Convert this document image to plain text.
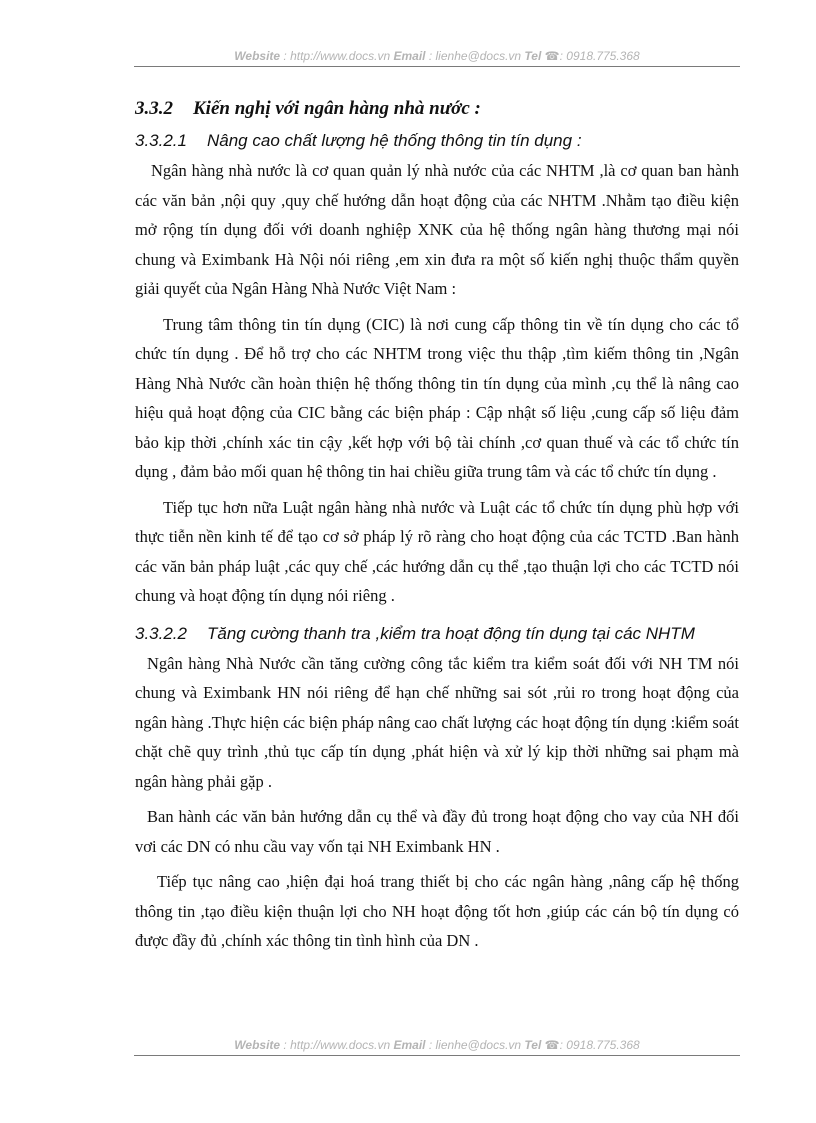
Website : http://www.docs.vn Email : lienhe@docs.vn Tel ☎: 0918.775.368
3.3.2 Kiến nghị với ngân hàng nhà nước :
3.3.2.1 Nâng cao chất lượng hệ thống thông tin tín dụng :

Ngân hàng nhà nước là cơ quan quản lý nhà nước của các NHTM ,là cơ quan ban hành các văn bản ,nội quy ,quy chế hướng dẫn hoạt động của các NHTM .Nhằm tạo điều kiện mở rộng tín dụng đối với doanh nghiệp XNK của hệ thống ngân hàng thương mại nói chung và Eximbank Hà Nội nói riêng ,em xin đưa ra một số kiến nghị thuộc thẩm quyền giải quyết của Ngân Hàng Nhà Nước Việt Nam :

Trung tâm thông tin tín dụng (CIC) là nơi cung cấp thông tin về tín dụng cho các tổ chức tín dụng . Để hỗ trợ cho các NHTM trong việc thu thập ,tìm kiếm thông tin ,Ngân Hàng Nhà Nước cần hoàn thiện hệ thống thông tin tín dụng của mình ,cụ thể là nâng cao hiệu quả hoạt động của CIC bằng các biện pháp : Cập nhật số liệu ,cung cấp số liệu đảm bảo kịp thời ,chính xác tin cậy ,kết hợp với bộ tài chính ,cơ quan thuế và các tổ chức tín dụng , đảm bảo mối quan hệ thông tin hai chiều giữa trung tâm và các tổ chức tín dụng .

Tiếp tục hơn nữa Luật ngân hàng nhà nước và Luật các tổ chức tín dụng phù hợp với thực tiễn nền kinh tế để tạo cơ sở pháp lý rõ ràng cho hoạt động của các TCTD .Ban hành các văn bản pháp luật ,các quy chế ,các hướng dẫn cụ thể ,tạo thuận lợi cho các TCTD nói chung và hoạt động tín dụng nói riêng .

3.3.2.2 Tăng cường thanh tra ,kiểm tra hoạt động tín dụng tại các NHTM

Ngân hàng Nhà Nước cần tăng cường công tắc kiểm tra kiểm soát đối với NH TM nói chung và Eximbank HN nói riêng để hạn chế những sai sót ,rủi ro trong hoạt động của ngân hàng .Thực hiện các biện pháp nâng cao chất lượng các hoạt động tín dụng :kiểm soát chặt chẽ quy trình ,thủ tục cấp tín dụng ,phát hiện và xử lý kịp thời những sai phạm mà ngân hàng phải gặp .

Ban hành các văn bản hướng dẫn cụ thể và đầy đủ trong hoạt động cho vay của NH đối vơi các DN có nhu cầu vay vốn tại NH Eximbank HN .

Tiếp tục nâng cao ,hiện đại hoá trang thiết bị cho các ngân hàng ,nâng cấp hệ thống thông tin ,tạo điều kiện thuận lợi cho NH hoạt động tốt hơn ,giúp các cán bộ tín dụng có được đầy đủ ,chính xác thông tin tình hình của DN .

Website : http://www.docs.vn Email : lienhe@docs.vn Tel ☎: 0918.775.368
